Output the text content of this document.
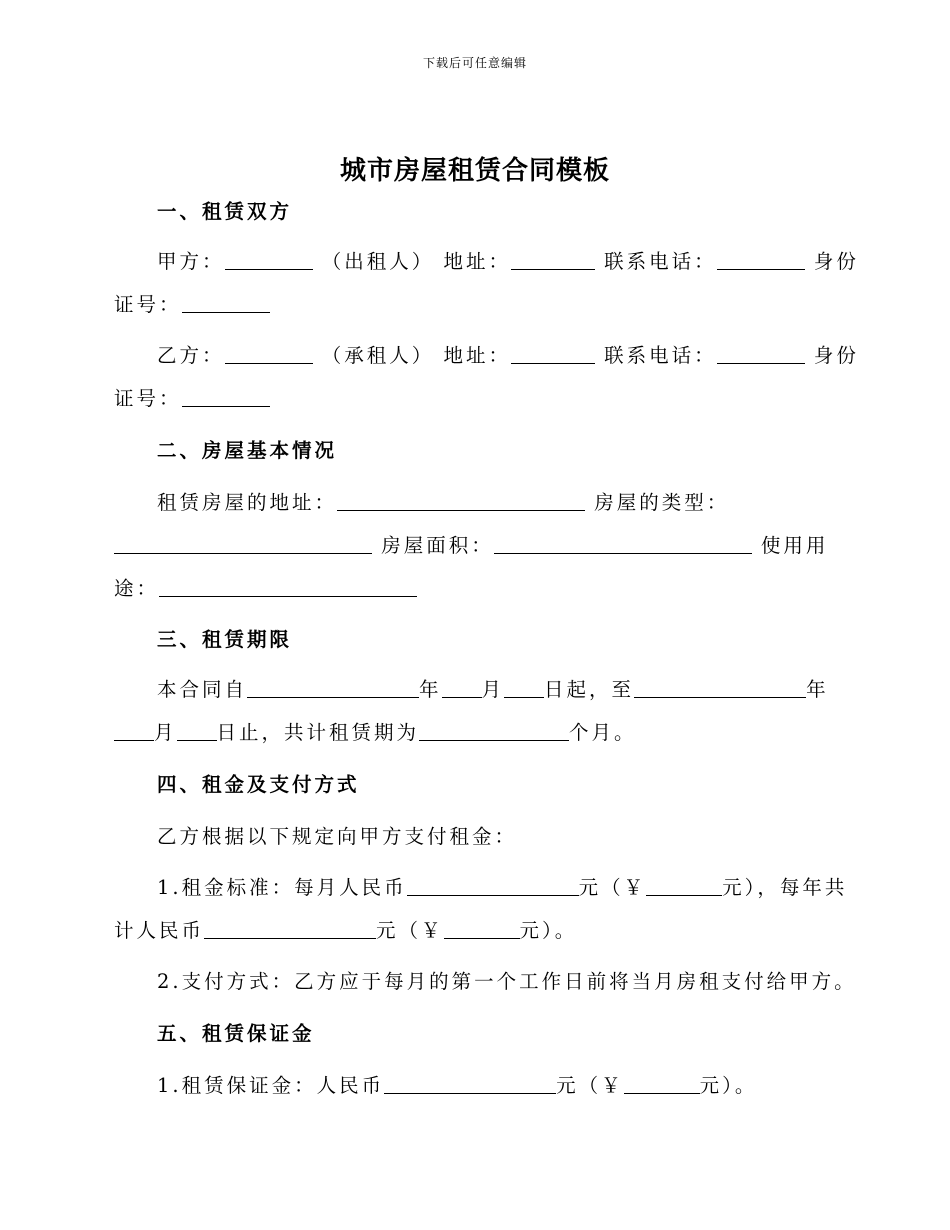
下载后可任意编辑
城市房屋租赁合同模板
一、租赁双方
甲方：	（出租人） 地址：	联系电话：	身份
证号：
乙方：	（承租人） 地址：	联系电话：	身份
证号：
二、房屋基本情况
租赁房屋的地址：	房屋的类型：
房屋面积：	使用用
途：
三、租赁期限
本合同自	年 月 日起，至	年
月 日止，共计租赁期为	个月。
四、租金及支付方式
乙方根据以下规定向甲方支付租金：
1.租金标准：每月人民币	元（￥	元），每年共
计人民币	元（￥	元）。
2.支付方式：乙方应于每月的第一个工作日前将当月房租支付给甲方。
五、租赁保证金
1.租赁保证金：人民币	元（￥	元）。
